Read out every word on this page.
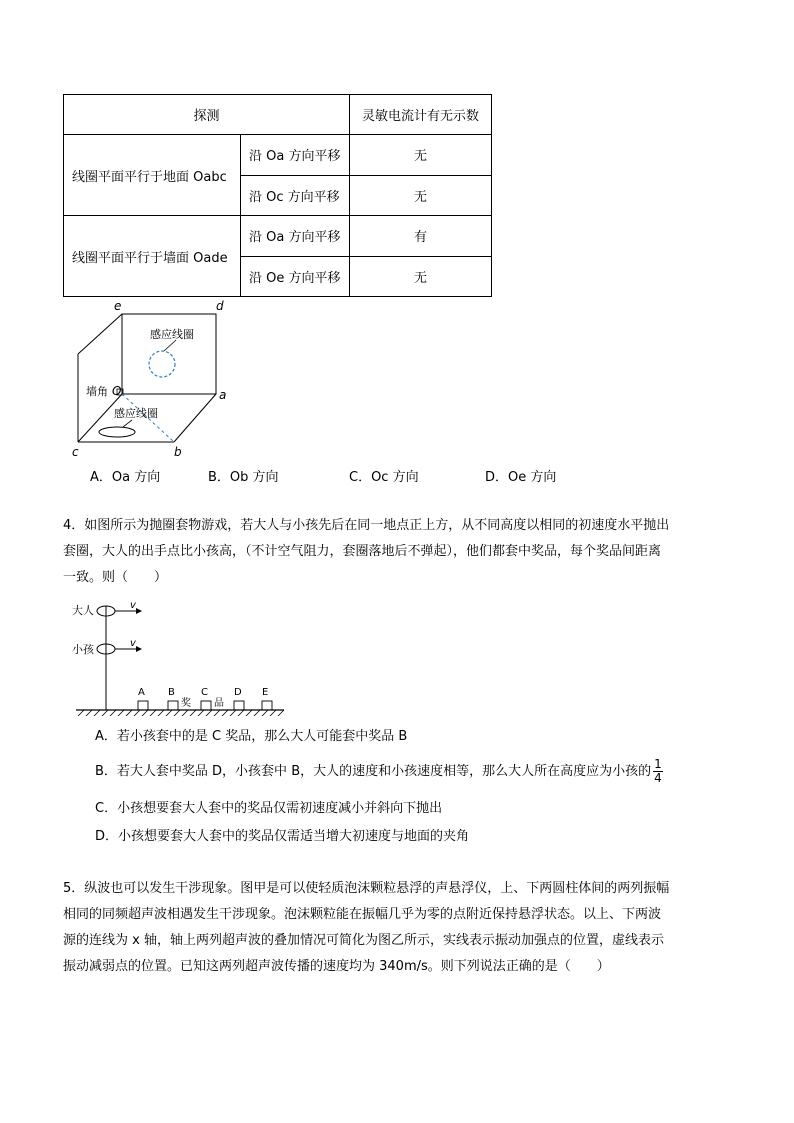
探测		灵敏电流计有无示数
线圈平面平行于地面 Oabc	沿 Oa 方向平移	无
	沿 Oc 方向平移	无
线圈平面平行于墙面 Oade	沿 Oa 方向平移	有
	沿 Oe 方向平移	无
e	d
a
b
c
O
墙角
感应线圈
感应线圈
A．Oa 方向	B．Ob 方向	C．Oc 方向	D．Oe 方向
4．如图所示为抛圈套物游戏，若大人与小孩先后在同一地点正上方，从不同高度以相同的初速度水平抛出
套圈，大人的出手点比小孩高，（不计空气阻力，套圈落地后不弹起），他们都套中奖品，每个奖品间距离
一致。则（　　）
大人
小孩
v
v
A B	C	D E
奖 品
A．若小孩套中的是 C 奖品，那么大人可能套中奖品 B
B．若大人套中奖品 D，小孩套中 B，大人的速度和小孩速度相等，那么大人所在高度应为小孩的 $\frac{1}{4}$
C．小孩想要套大人套中的奖品仅需初速度减小并斜向下抛出
D．小孩想要套大人套中的奖品仅需适当增大初速度与地面的夹角
5．纵波也可以发生干涉现象。图甲是可以使轻质泡沫颗粒悬浮的声悬浮仪，上、下两圆柱体间的两列振幅
相同的同频超声波相遇发生干涉现象。泡沫颗粒能在振幅几乎为零的点附近保持悬浮状态。以上、下两波
源的连线为 x 轴，轴上两列超声波的叠加情况可简化为图乙所示，实线表示振动加强点的位置，虚线表示
振动减弱点的位置。已知这两列超声波传播的速度均为 340m/s。则下列说法正确的是（　　）
